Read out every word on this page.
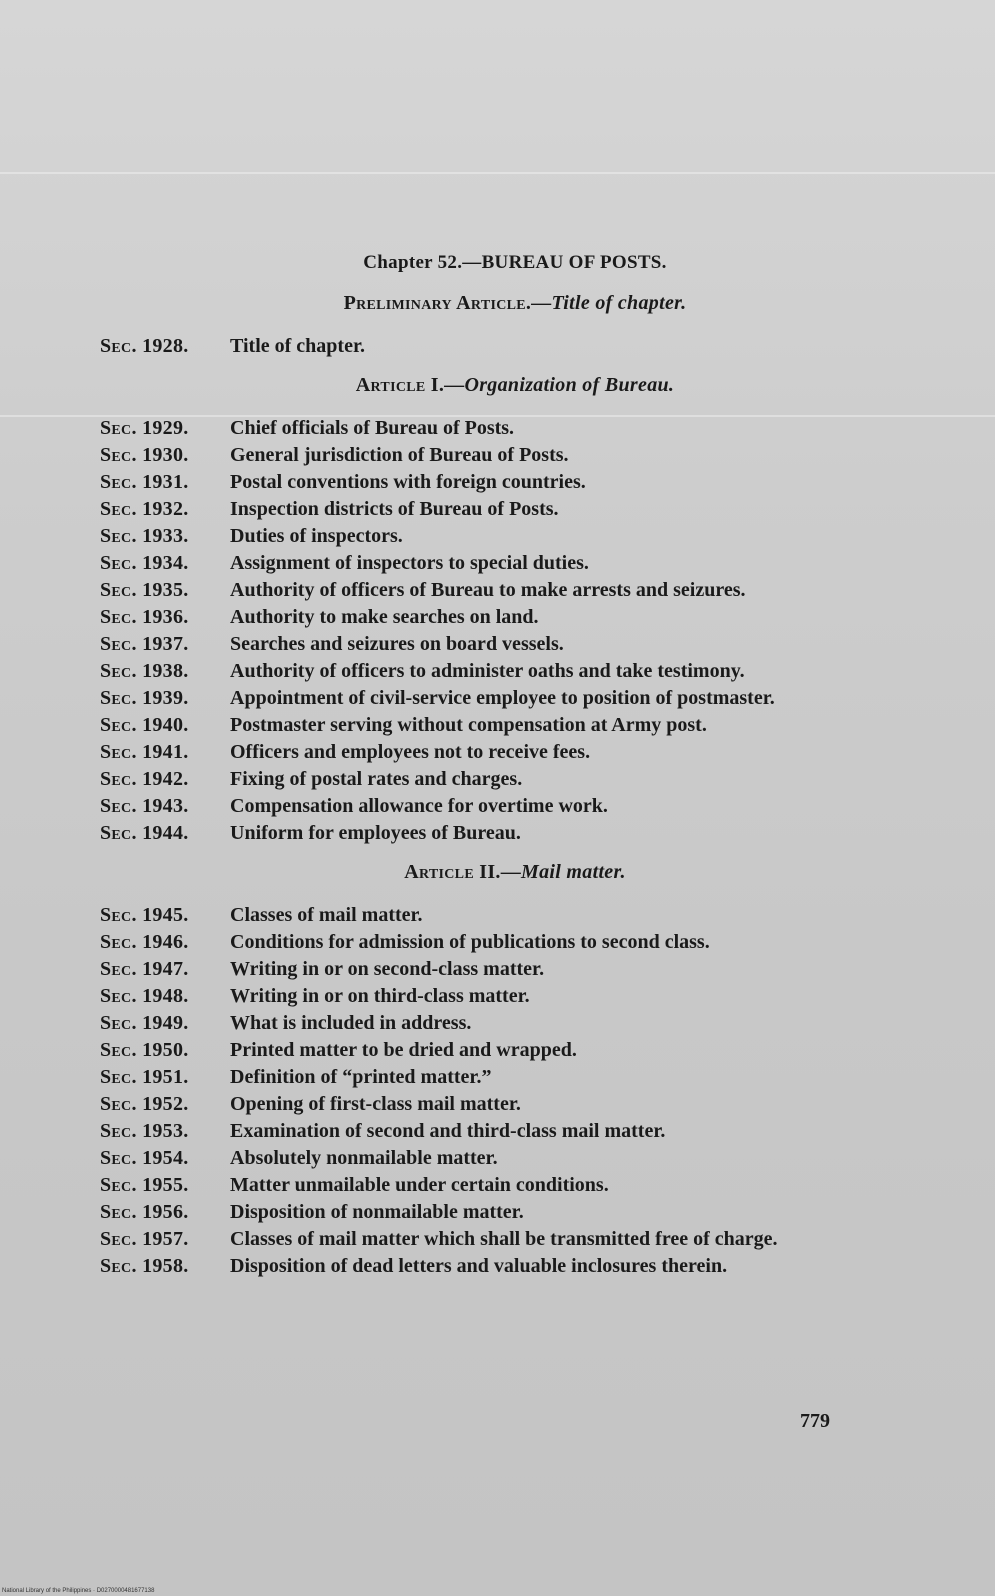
Chapter 52.—BUREAU OF POSTS.
Preliminary Article.—Title of chapter.
Sec. 1928.	Title of chapter.
Article I.—Organization of Bureau.
Sec. 1929.	Chief officials of Bureau of Posts.
Sec. 1930.	General jurisdiction of Bureau of Posts.
Sec. 1931.	Postal conventions with foreign countries.
Sec. 1932.	Inspection districts of Bureau of Posts.
Sec. 1933.	Duties of inspectors.
Sec. 1934.	Assignment of inspectors to special duties.
Sec. 1935.	Authority of officers of Bureau to make arrests and seizures.
Sec. 1936.	Authority to make searches on land.
Sec. 1937.	Searches and seizures on board vessels.
Sec. 1938.	Authority of officers to administer oaths and take testimony.
Sec. 1939.	Appointment of civil-service employee to position of postmaster.
Sec. 1940.	Postmaster serving without compensation at Army post.
Sec. 1941.	Officers and employees not to receive fees.
Sec. 1942.	Fixing of postal rates and charges.
Sec. 1943.	Compensation allowance for overtime work.
Sec. 1944.	Uniform for employees of Bureau.
Article II.—Mail matter.
Sec. 1945.	Classes of mail matter.
Sec. 1946.	Conditions for admission of publications to second class.
Sec. 1947.	Writing in or on second-class matter.
Sec. 1948.	Writing in or on third-class matter.
Sec. 1949.	What is included in address.
Sec. 1950.	Printed matter to be dried and wrapped.
Sec. 1951.	Definition of “printed matter.”
Sec. 1952.	Opening of first-class mail matter.
Sec. 1953.	Examination of second and third-class mail matter.
Sec. 1954.	Absolutely nonmailable matter.
Sec. 1955.	Matter unmailable under certain conditions.
Sec. 1956.	Disposition of nonmailable matter.
Sec. 1957.	Classes of mail matter which shall be transmitted free of charge.
Sec. 1958.	Disposition of dead letters and valuable inclosures therein.
779
National Library of the Philippines · D0270000481677138
